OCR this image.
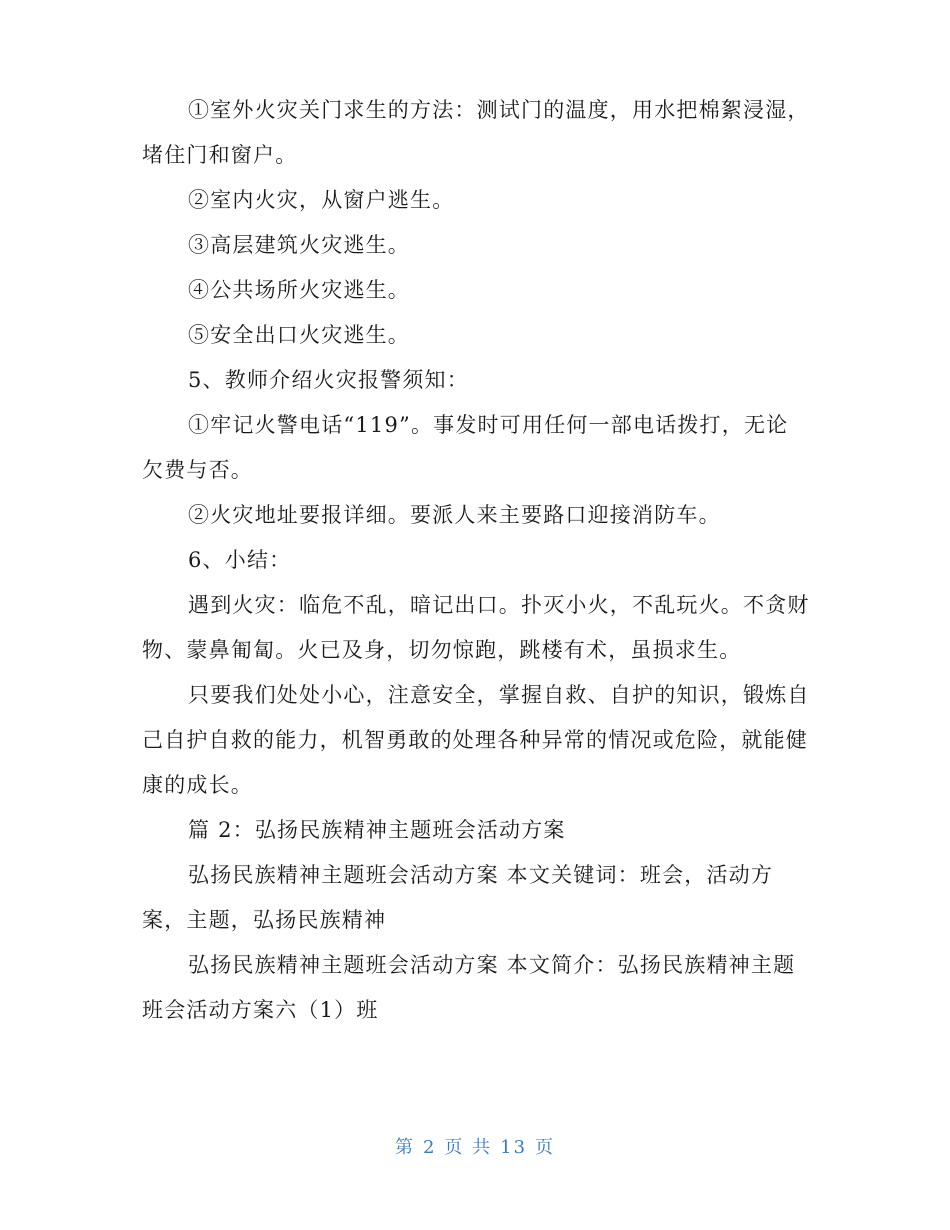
①室外火灾关门求生的方法：测试门的温度，用水把棉絮浸湿，堵住门和窗户。

②室内火灾，从窗户逃生。

③高层建筑火灾逃生。

④公共场所火灾逃生。

⑤安全出口火灾逃生。

5、教师介绍火灾报警须知：

①牢记火警电话“119”。事发时可用任何一部电话拨打，无论欠费与否。

②火灾地址要报详细。要派人来主要路口迎接消防车。

6、小结：

遇到火灾：临危不乱，暗记出口。扑灭小火，不乱玩火。不贪财物、蒙鼻匍匐。火已及身，切勿惊跑，跳楼有术，虽损求生。

只要我们处处小心，注意安全，掌握自救、自护的知识，锻炼自己自护自救的能力，机智勇敢的处理各种异常的情况或危险，就能健康的成长。

篇 2：弘扬民族精神主题班会活动方案

弘扬民族精神主题班会活动方案 本文关键词：班会，活动方案，主题，弘扬民族精神

弘扬民族精神主题班会活动方案 本文简介：弘扬民族精神主题班会活动方案六（1）班

第 2 页 共 13 页
